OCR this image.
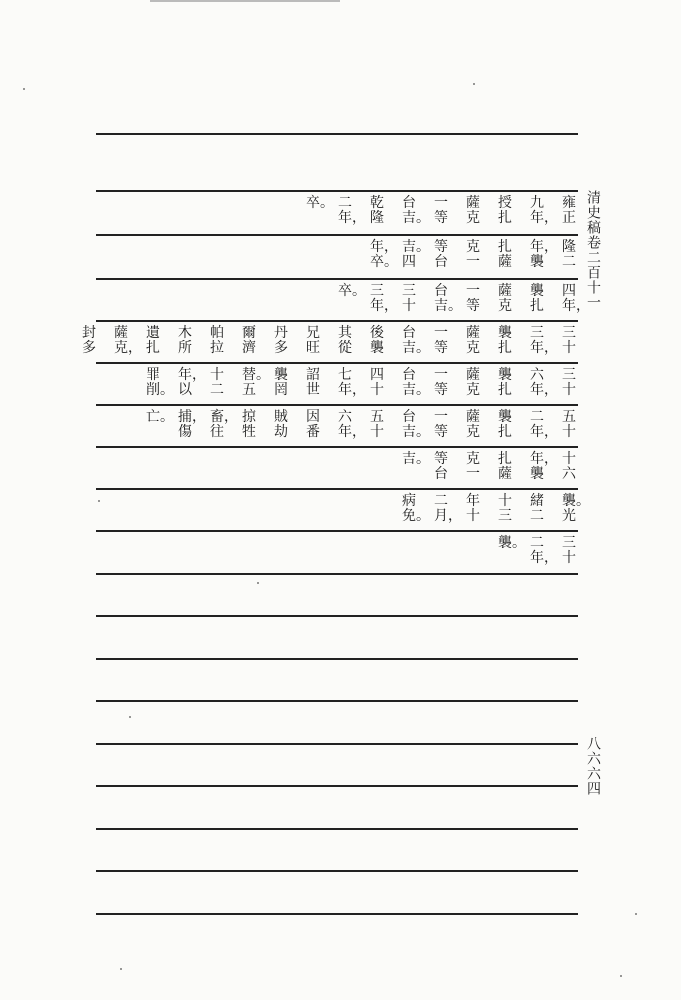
清史稿卷二百十一
八六六四
雍
正
九
年，
授
扎
薩
克
一
等
台
吉。
乾
隆
二
年，
卒。
隆
二
年，
襲
扎
薩
克
一
等
台
吉。
四
年，
卒。
四
年，
襲
扎
薩
克
一
等
台
吉。
三
十
三
年，
卒。
三
十
三
年，
襲
扎
薩
克
一
等
台
吉。
後
襲
其
從
兄
旺
丹
多
爾
濟
帕
拉
木
所
遺
扎
薩
克，
封
多
三
十
六
年，
襲
扎
薩
克
一
等
台
吉。
四
十
七
年，
詔
世
襲
罔
替。
五
十
二
年，
以
罪
削。
五
十
二
年，
襲
扎
薩
克
一
等
台
吉。
五
十
六
年，
因
番
賊
劫
掠
牲
畜，
往
捕，
傷
亡。
十
六
年，
襲
扎
薩
克
一
等
台
吉。
襲。
光
緒
二
十
三
年
十
二
月，
病
免。
三
十
二
年，
襲。
